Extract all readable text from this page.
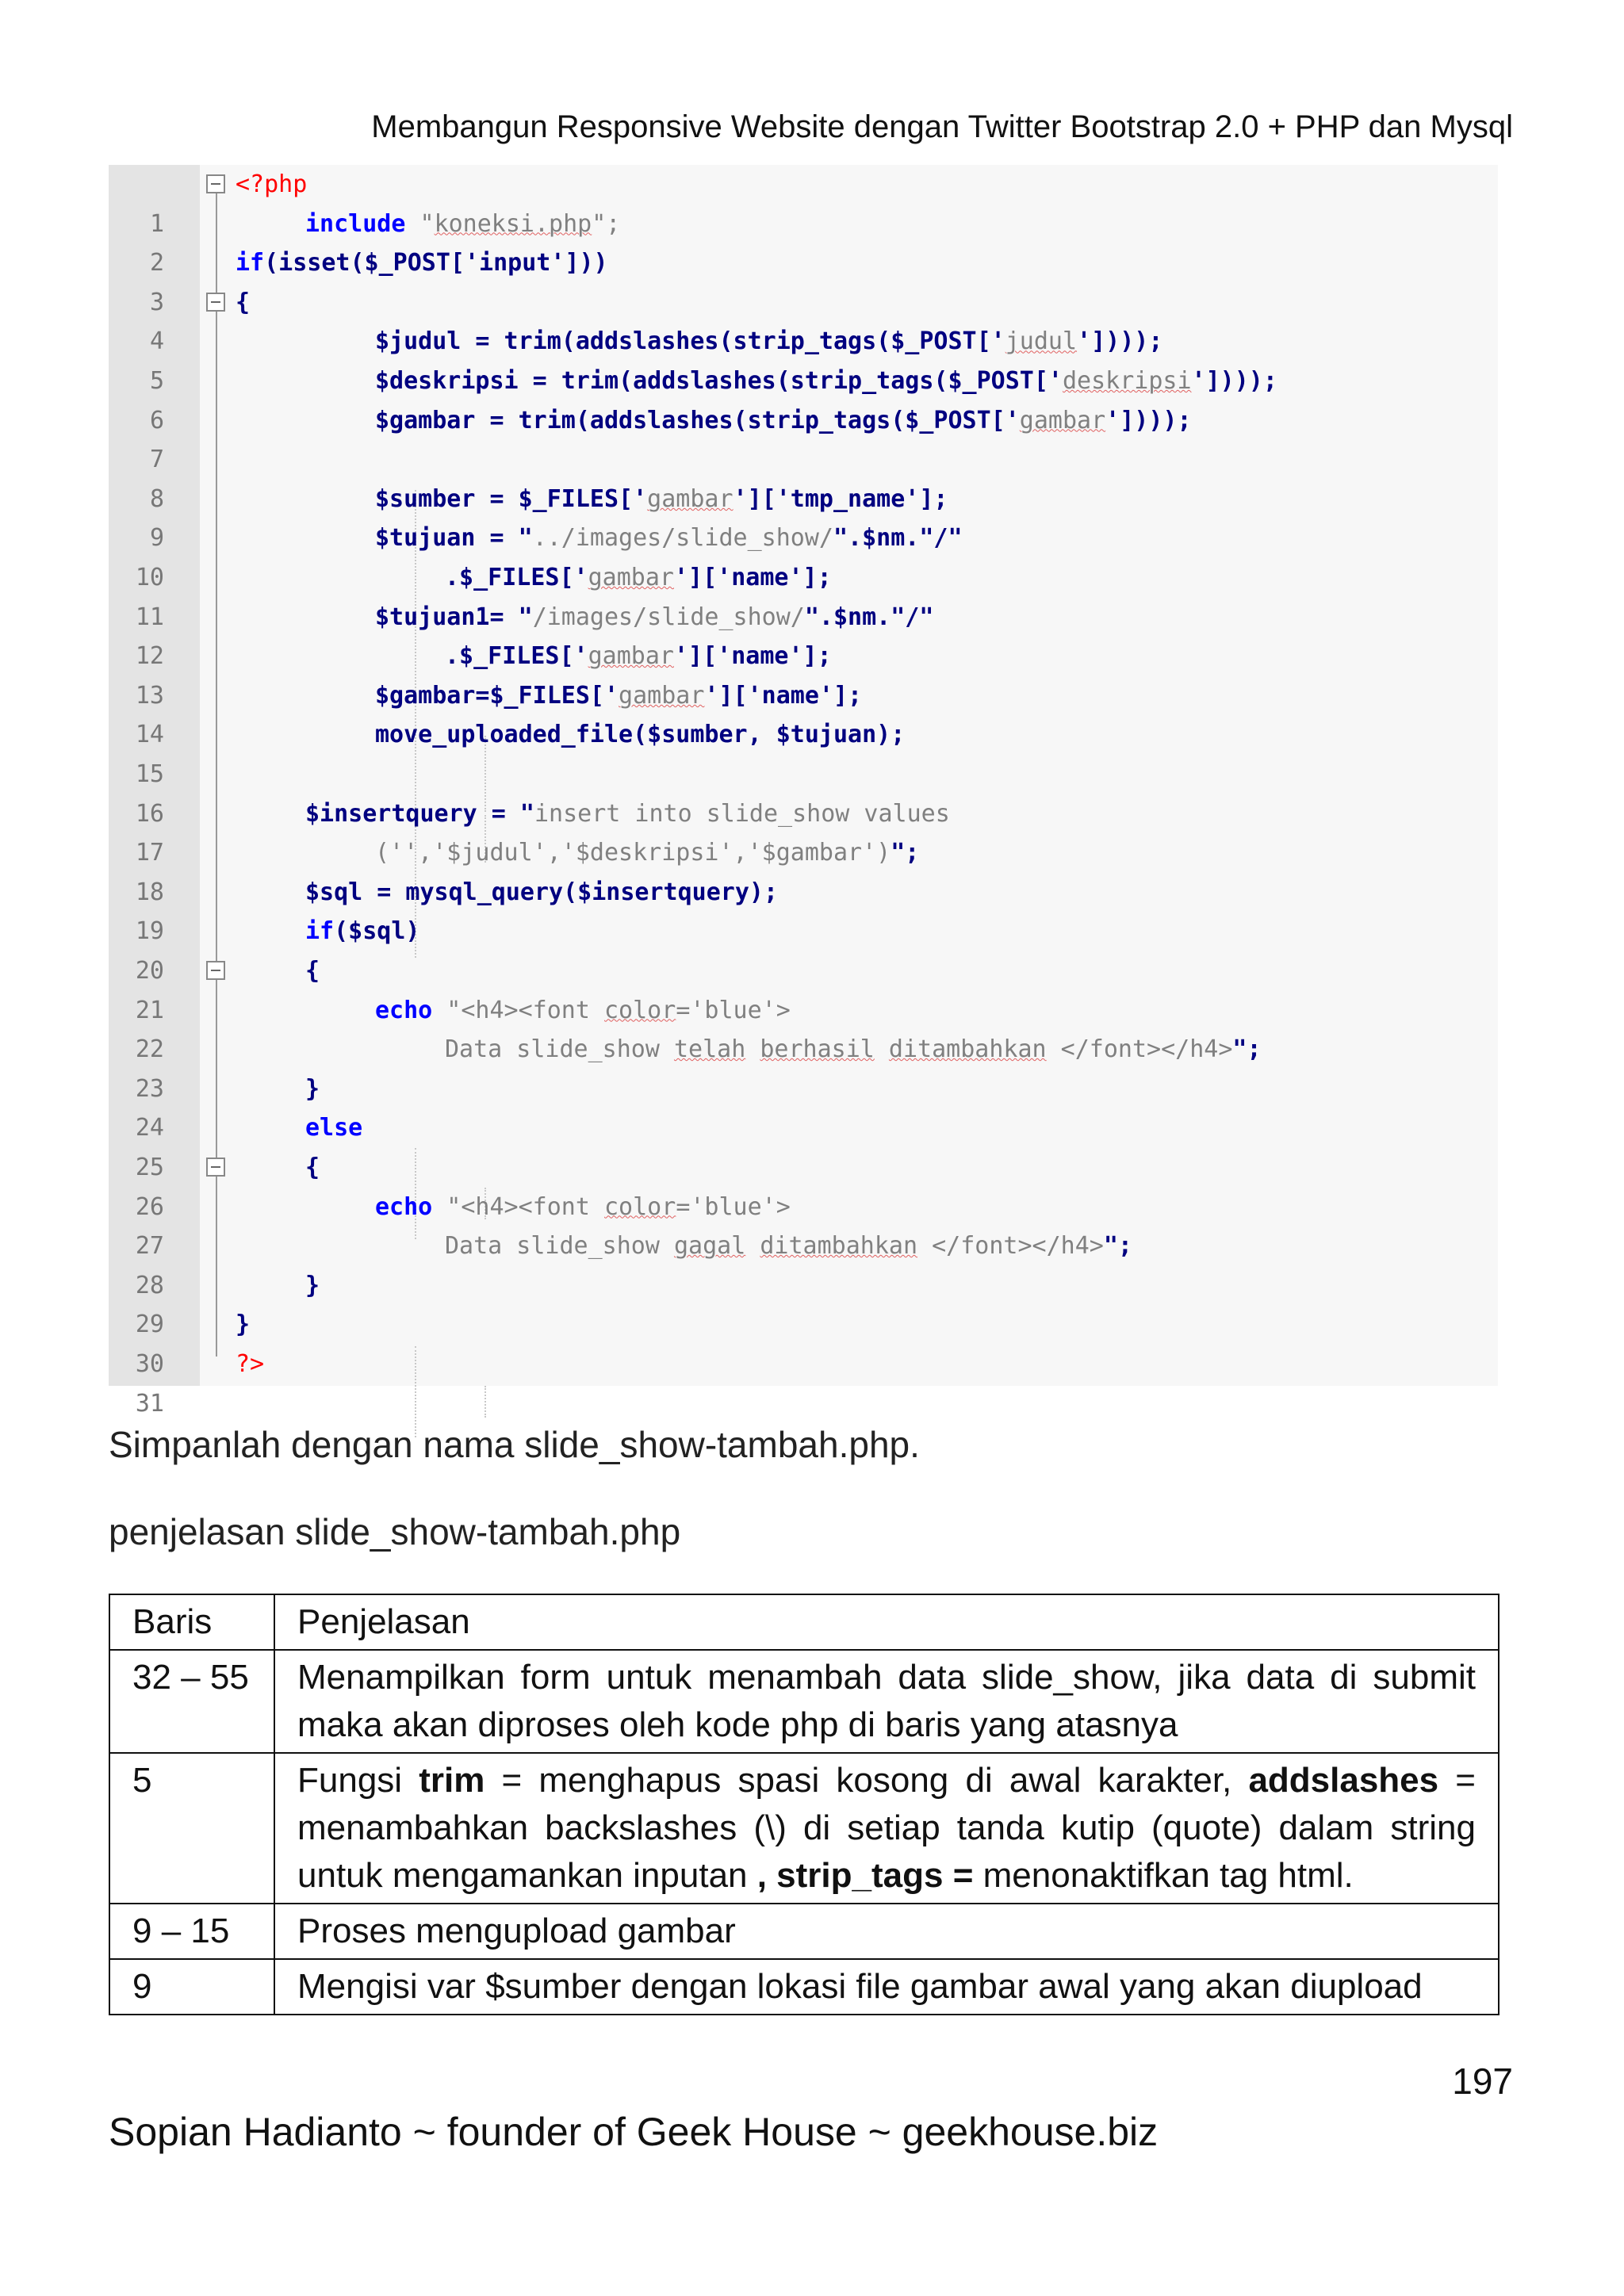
Membangun Responsive Website dengan Twitter Bootstrap 2.0 + PHP dan Mysql

1

<?php

2

include "koneksi.php";

3

if(isset($_POST['input']))

4

{

5

$judul = trim(addslashes(strip_tags($_POST['judul'])));

6

$deskripsi = trim(addslashes(strip_tags($_POST['deskripsi'])));

7

$gambar = trim(addslashes(strip_tags($_POST['gambar'])));

8

9

$sumber = $_FILES['gambar']['tmp_name'];

10

$tujuan = "../images/slide_show/".$nm."/"

11

.$_FILES['gambar']['name'];

12

$tujuan1= "/images/slide_show/".$nm."/"

13

.$_FILES['gambar']['name'];

14

$gambar=$_FILES['gambar']['name'];

15

move_uploaded_file($sumber, $tujuan);

16

17

$insertquery = "insert into slide_show values

18

('','$judul','$deskripsi','$gambar')";

19

$sql = mysql_query($insertquery);

20

if($sql)

21

{

22

echo "<h4><font color='blue'>

23

Data slide_show telah berhasil ditambahkan </font></h4>";

24

}

25

else

26

{

27

echo "<h4><font color='blue'>

28

Data slide_show gagal ditambahkan </font></h4>";

29

}

30

}

31

?>

Simpanlah dengan nama slide_show-tambah.php.
penjelasan slide_show-tambah.php
Baris	Penjelasan
32 – 55	Menampilkan form untuk menambah data slide_show, jika data di submit maka akan diproses oleh kode php di baris yang atasnya
5	Fungsi trim = menghapus spasi kosong di awal karakter, addslashes = menambahkan backslashes (\) di setiap tanda kutip (quote) dalam string untuk mengamankan inputan , strip_tags = menonaktifkan tag html.
9 – 15	Proses mengupload gambar
9	Mengisi var $sumber dengan lokasi file gambar awal yang akan diupload
197
Sopian Hadianto ~ founder of Geek House ~ geekhouse.biz
